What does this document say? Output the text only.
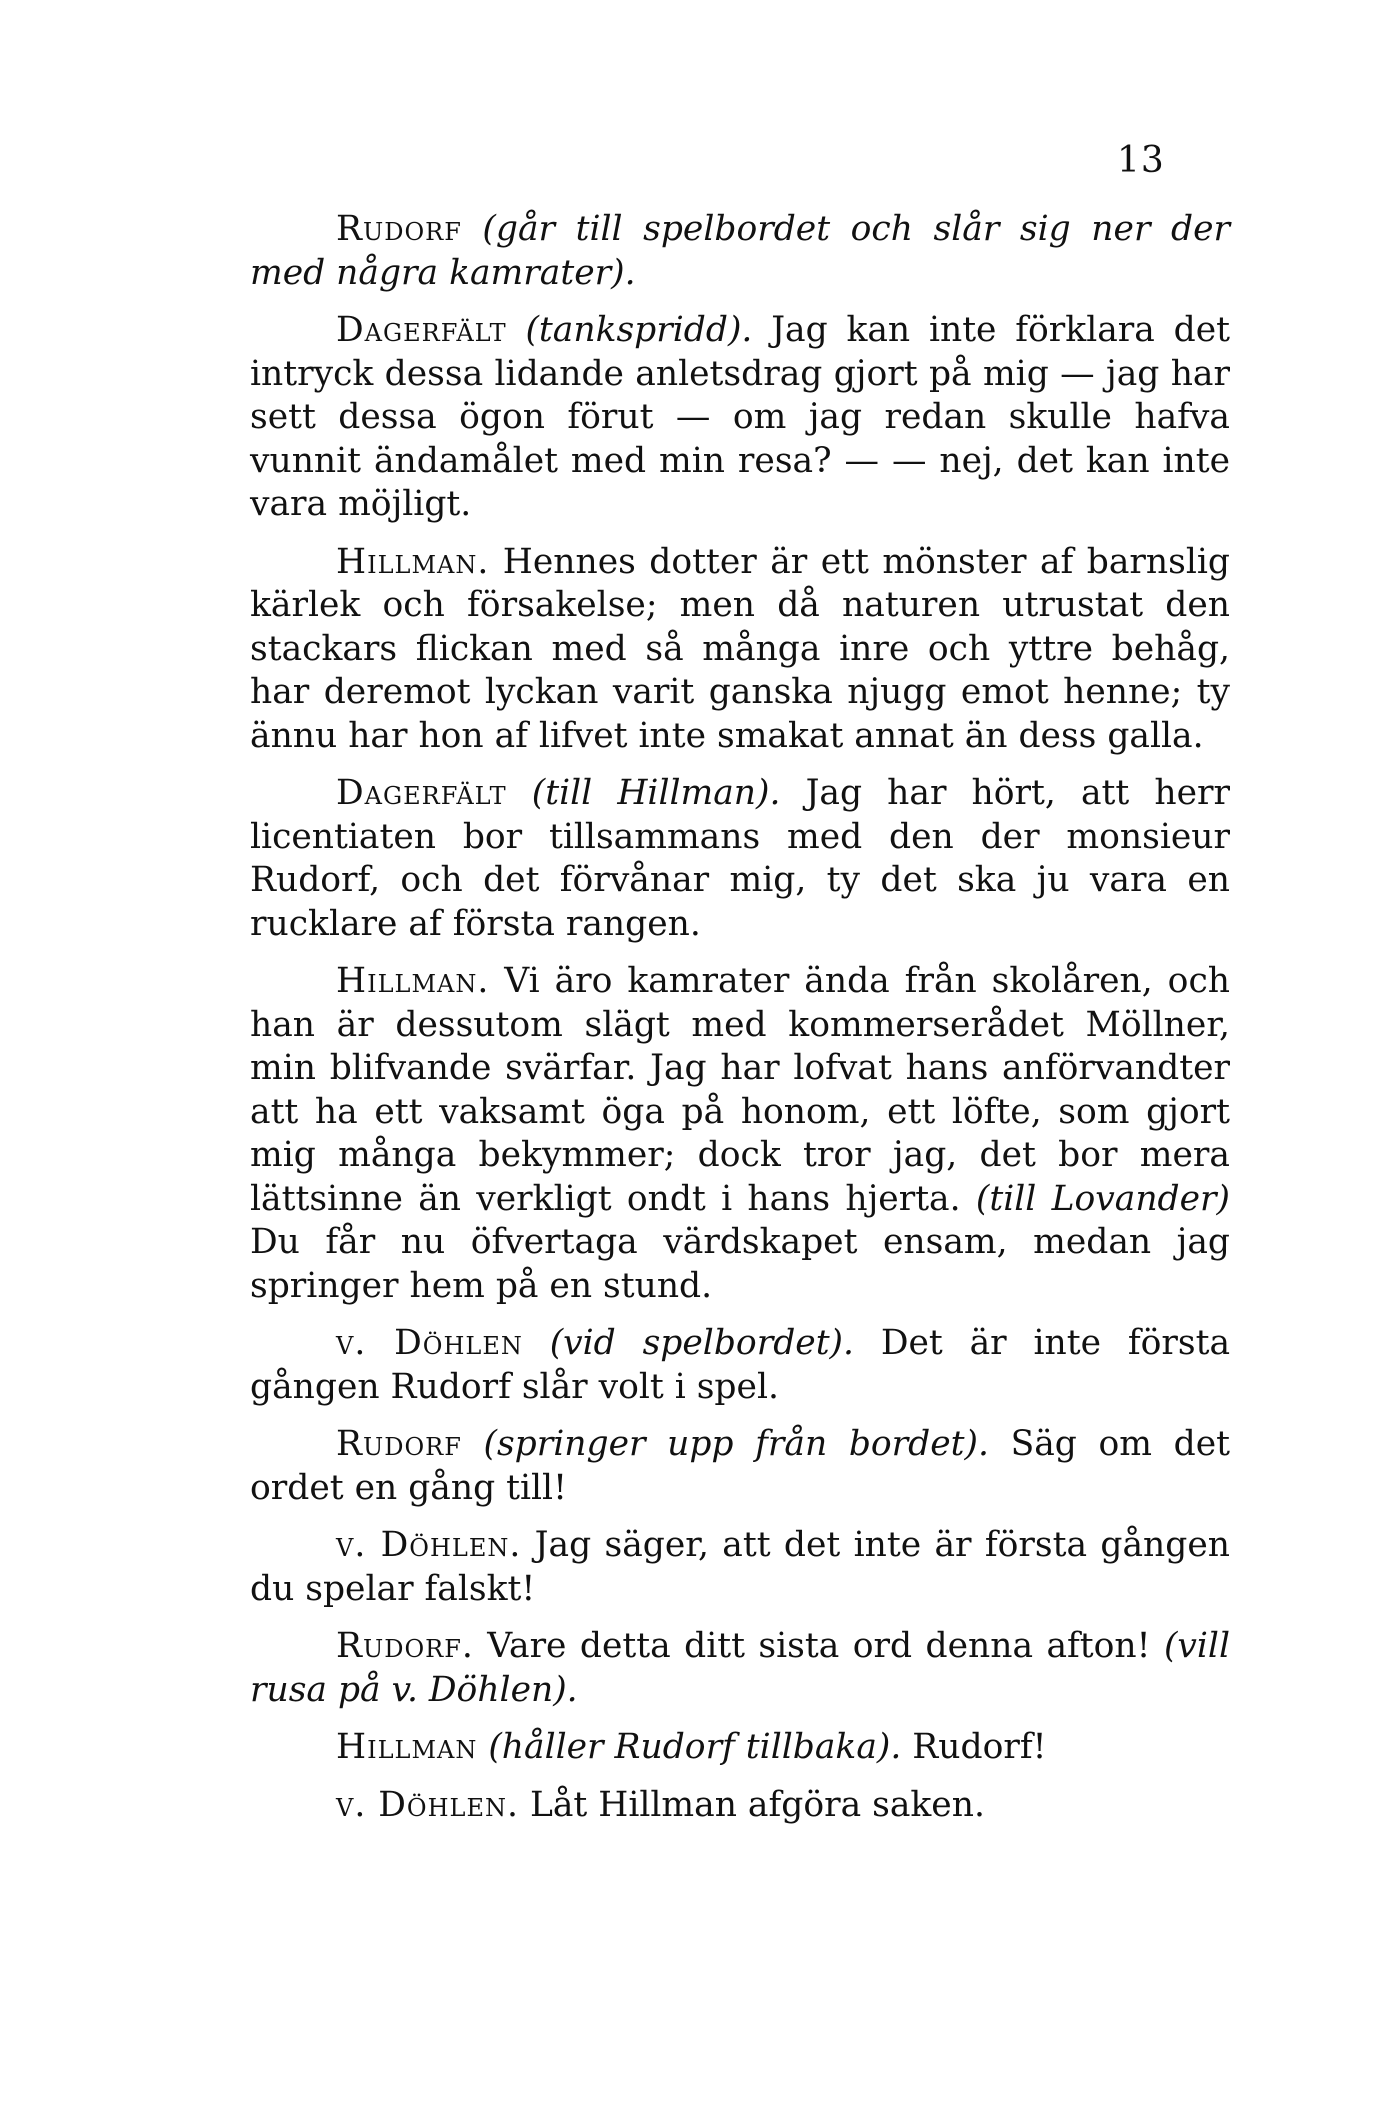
13

Rudorf (går till spelbordet och slår sig ner der med några kamrater).

Dagerfält (tankspridd). Jag kan inte förklara det intryck dessa lidande anletsdrag gjort på mig — jag har sett dessa ögon förut — om jag redan skulle hafva vunnit ändamålet med min resa? — — nej, det kan inte vara möjligt.

Hillman. Hennes dotter är ett mönster af barnslig kärlek och försakelse; men då naturen utrustat den stackars flickan med så många inre och yttre behåg, har deremot lyckan varit ganska njugg emot henne; ty ännu har hon af lifvet inte smakat annat än dess galla.

Dagerfält (till Hillman). Jag har hört, att herr licentiaten bor tillsammans med den der monsieur Rudorf, och det förvånar mig, ty det ska ju vara en rucklare af första rangen.

Hillman. Vi äro kamrater ända från skolåren, och han är dessutom slägt med kommerserådet Möllner, min blifvande svärfar. Jag har lofvat hans anförvandter att ha ett vaksamt öga på honom, ett löfte, som gjort mig många bekymmer; dock tror jag, det bor mera lättsinne än verkligt ondt i hans hjerta. (till Lovander) Du får nu öfvertaga värdskapet ensam, medan jag springer hem på en stund.

v. Döhlen (vid spelbordet). Det är inte första gången Rudorf slår volt i spel.

Rudorf (springer upp från bordet). Säg om det ordet en gång till!

v. Döhlen. Jag säger, att det inte är första gången du spelar falskt!

Rudorf. Vare detta ditt sista ord denna afton! (vill rusa på v. Döhlen).

Hillman (håller Rudorf tillbaka). Rudorf!

v. Döhlen. Låt Hillman afgöra saken.
